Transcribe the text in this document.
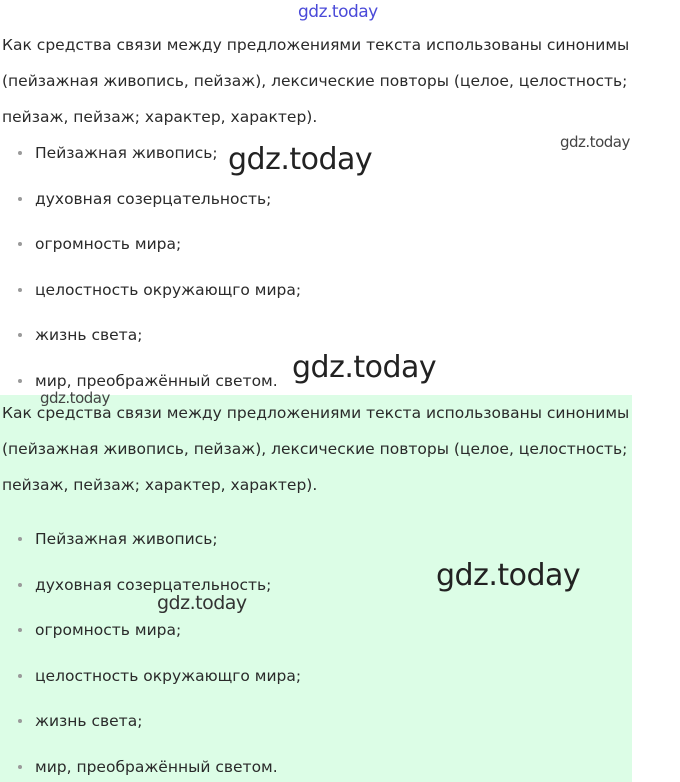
Как средства связи между предложениями текста использованы синонимы (пейзажная живопись, пейзаж), лексические повторы (целое, целостность; пейзаж, пейзаж; характер, характер).

Пейзажная живопись;
духовная созерцательность;
огромность мира;
целостность окружающго мира;
жизнь света;
мир, преображённый светом.

Как средства связи между предложениями текста использованы синонимы (пейзажная живопись, пейзаж), лексические повторы (целое, целостность; пейзаж, пейзаж; характер, характер).

Пейзажная живопись;
духовная созерцательность;
огромность мира;
целостность окружающго мира;
жизнь света;
мир, преображённый светом.
gdz.today
gdz.today
gdz.today
gdz.today
gdz.today
gdz.today
gdz.today
